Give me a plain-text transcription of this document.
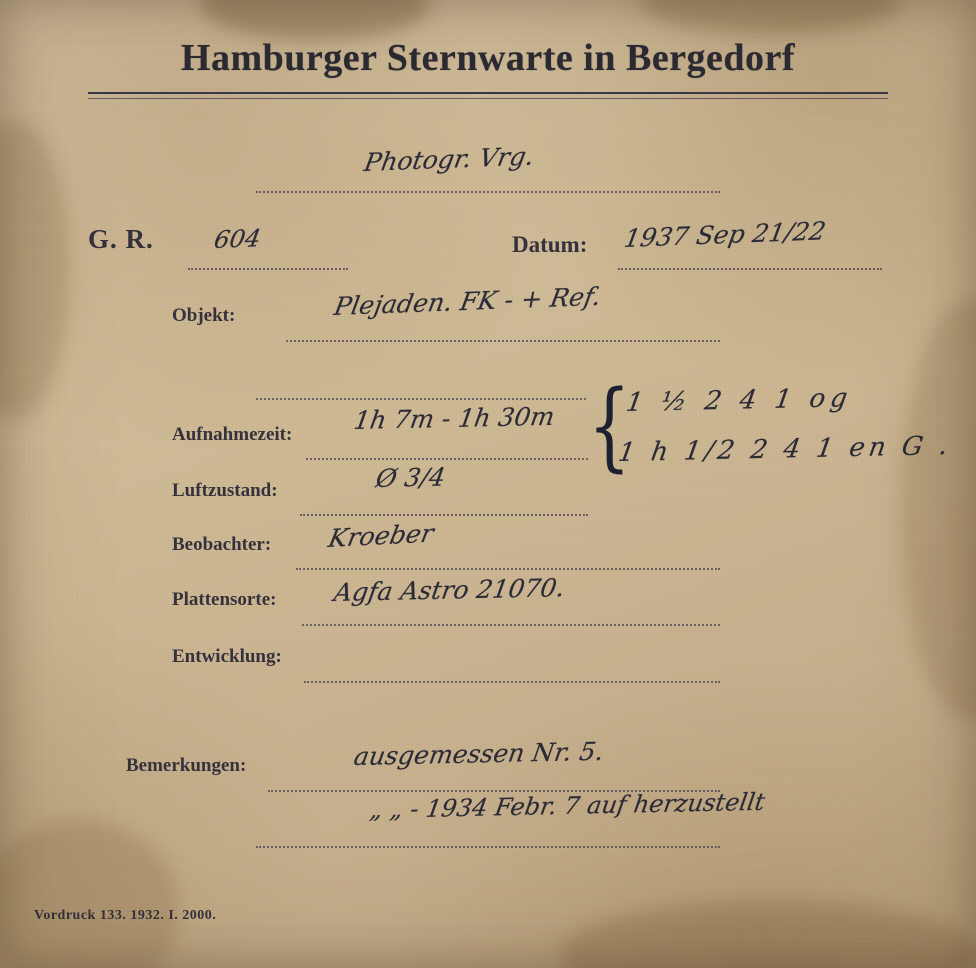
Hamburger Sternwarte in Bergedorf
Photogr. Vrg.
G. R. 604	Datum: 1937 Sep 21/22
Objekt:	Plejaden. FK - + Ref.
Aufnahmezeit: 1h 7m - 1h 30m {
1 ½ 2 4 1 og
1 h 1/2 2 4 1 en G .
Luftzustand:	Ø 3/4
Beobachter: Kroeber
Plattensorte: Agfa Astro 21070.
Entwicklung:
Bemerkungen:	ausgemessen Nr. 5.
„ „ - 1934 Febr. 7 auf herzustellt
Vordruck 133. 1932. I. 2000.
